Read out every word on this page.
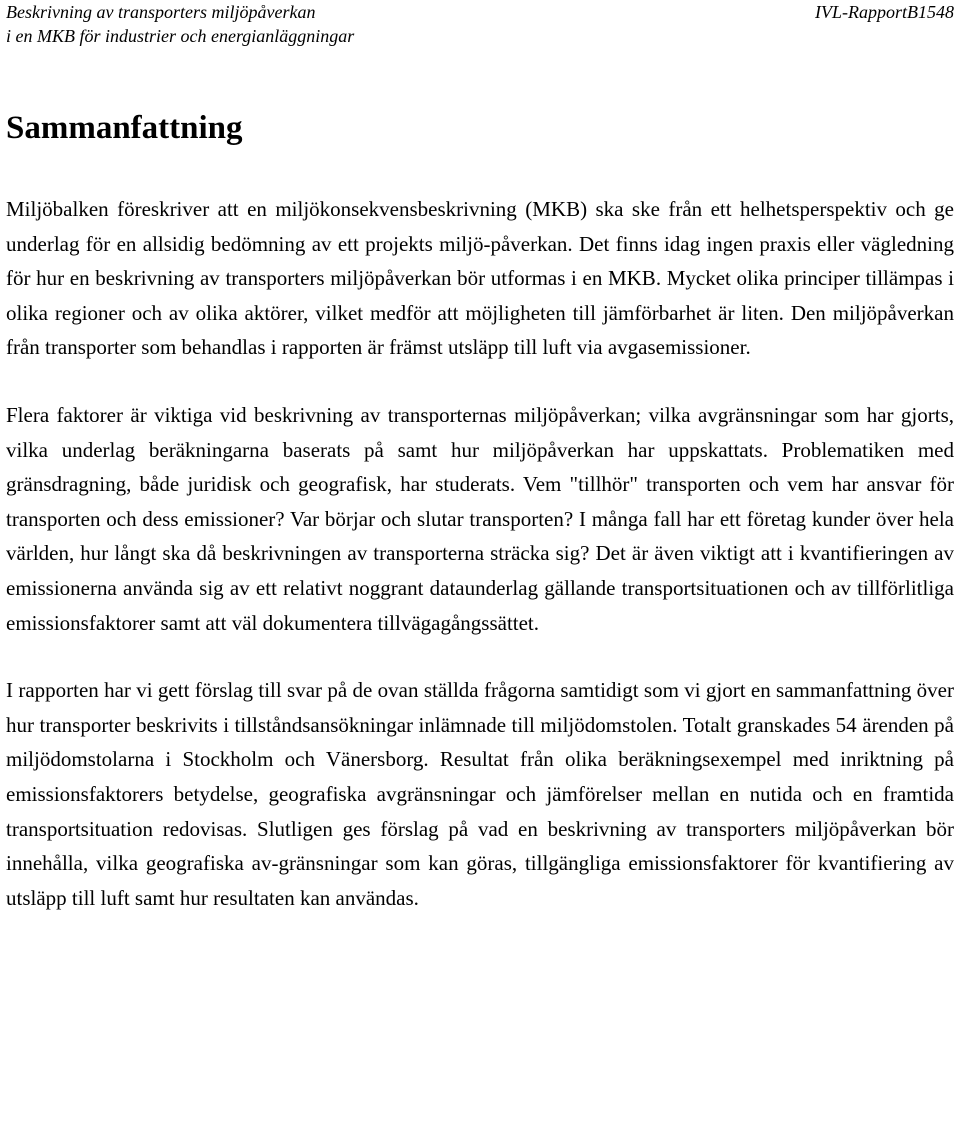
Beskrivning av transporters miljöpåverkan
i en MKB för industrier och energianläggningar
IVL-RapportB1548
Sammanfattning

Miljöbalken föreskriver att en miljökonsekvensbeskrivning (MKB) ska ske från ett helhetsperspektiv och ge underlag för en allsidig bedömning av ett projekts miljö-påverkan. Det finns idag ingen praxis eller vägledning för hur en beskrivning av transporters miljöpåverkan bör utformas i en MKB. Mycket olika principer tillämpas i olika regioner och av olika aktörer, vilket medför att möjligheten till jämförbarhet är liten. Den miljöpåverkan från transporter som behandlas i rapporten är främst utsläpp till luft via avgasemissioner.

Flera faktorer är viktiga vid beskrivning av transporternas miljöpåverkan; vilka avgränsningar som har gjorts, vilka underlag beräkningarna baserats på samt hur miljöpåverkan har uppskattats. Problematiken med gränsdragning, både juridisk och geografisk, har studerats. Vem "tillhör" transporten och vem har ansvar för transporten och dess emissioner? Var börjar och slutar transporten? I många fall har ett företag kunder över hela världen, hur långt ska då beskrivningen av transporterna sträcka sig? Det är även viktigt att i kvantifieringen av emissionerna använda sig av ett relativt noggrant dataunderlag gällande transportsituationen och av tillförlitliga emissionsfaktorer samt att väl dokumentera tillvägagångssättet.

I rapporten har vi gett förslag till svar på de ovan ställda frågorna samtidigt som vi gjort en sammanfattning över hur transporter beskrivits i tillståndsansökningar inlämnade till miljödomstolen. Totalt granskades 54 ärenden på miljödomstolarna i Stockholm och Vänersborg. Resultat från olika beräkningsexempel med inriktning på emissionsfaktorers betydelse, geografiska avgränsningar och jämförelser mellan en nutida och en framtida transportsituation redovisas. Slutligen ges förslag på vad en beskrivning av transporters miljöpåverkan bör innehålla, vilka geografiska av-gränsningar som kan göras, tillgängliga emissionsfaktorer för kvantifiering av utsläpp till luft samt hur resultaten kan användas.
